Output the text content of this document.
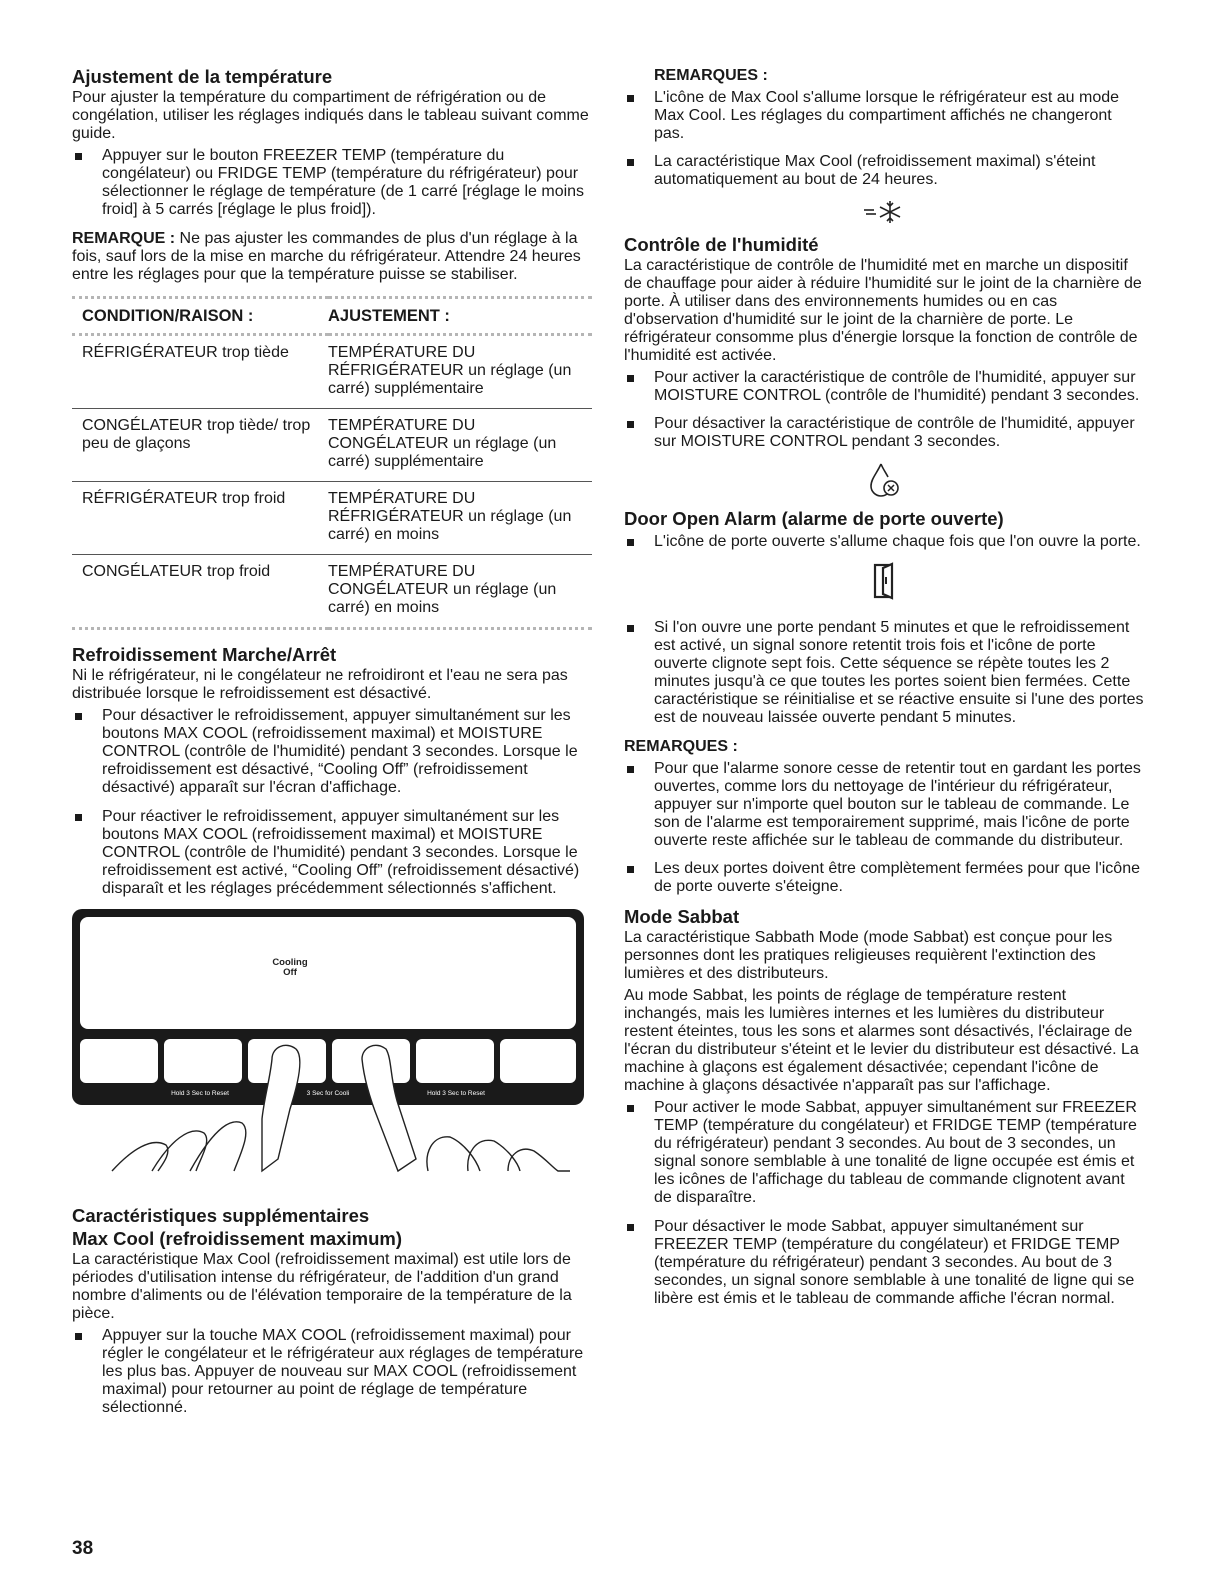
Ajustement de la température

Pour ajuster la température du compartiment de réfrigération ou de congélation, utiliser les réglages indiqués dans le tableau suivant comme guide.

Appuyer sur le bouton FREEZER TEMP (température du congélateur) ou FRIDGE TEMP (température du réfrigérateur) pour sélectionner le réglage de température (de 1 carré [réglage le moins froid] à 5 carrés [réglage le plus froid]).

REMARQUE : Ne pas ajuster les commandes de plus d'un réglage à la fois, sauf lors de la mise en marche du réfrigérateur. Attendre 24 heures entre les réglages pour que la température puisse se stabiliser.

CONDITION/RAISON :	AJUSTEMENT :
RÉFRIGÉRATEUR trop tiède	TEMPÉRATURE DU RÉFRIGÉRATEUR un réglage (un carré) supplémentaire
CONGÉLATEUR trop tiède/ trop peu de glaçons	TEMPÉRATURE DU CONGÉLATEUR un réglage (un carré) supplémentaire
RÉFRIGÉRATEUR trop froid	TEMPÉRATURE DU RÉFRIGÉRATEUR un réglage (un carré) en moins
CONGÉLATEUR trop froid	TEMPÉRATURE DU CONGÉLATEUR un réglage (un carré) en moins
Refroidissement Marche/Arrêt

Ni le réfrigérateur, ni le congélateur ne refroidiront et l'eau ne sera pas distribuée lorsque le refroidissement est désactivé.

Pour désactiver le refroidissement, appuyer simultanément sur les boutons MAX COOL (refroidissement maximal) et MOISTURE CONTROL (contrôle de l'humidité) pendant 3 secondes. Lorsque le refroidissement est désactivé, “Cooling Off” (refroidissement désactivé) apparaît sur l'écran d'affichage.
Pour réactiver le refroidissement, appuyer simultanément sur les boutons MAX COOL (refroidissement maximal) et MOISTURE CONTROL (contrôle de l'humidité) pendant 3 secondes. Lorsque le refroidissement est activé, “Cooling Off” (refroidissement désactivé) disparaît et les réglages précédemment sélectionnés s'affichent.
Cooling
Off
Hold 3 Sec to Reset	3 Sec for Cooli	Hold 3 Sec to Reset
Caractéristiques supplémentaires
Max Cool (refroidissement maximum)

La caractéristique Max Cool (refroidissement maximal) est utile lors de périodes d'utilisation intense du réfrigérateur, de l'addition d'un grand nombre d'aliments ou de l'élévation temporaire de la température de la pièce.

Appuyer sur la touche MAX COOL (refroidissement maximal) pour régler le congélateur et le réfrigérateur aux réglages de température les plus bas. Appuyer de nouveau sur MAX COOL (refroidissement maximal) pour retourner au point de réglage de température sélectionné.
REMARQUES :
L'icône de Max Cool s'allume lorsque le réfrigérateur est au mode Max Cool. Les réglages du compartiment affichés ne changeront pas.
La caractéristique Max Cool (refroidissement maximal) s'éteint automatiquement au bout de 24 heures.
Contrôle de l'humidité

La caractéristique de contrôle de l'humidité met en marche un dispositif de chauffage pour aider à réduire l'humidité sur le joint de la charnière de porte. À utiliser dans des environnements humides ou en cas d'observation d'humidité sur le joint de la charnière de porte. Le réfrigérateur consomme plus d'énergie lorsque la fonction de contrôle de l'humidité est activée.

Pour activer la caractéristique de contrôle de l'humidité, appuyer sur MOISTURE CONTROL (contrôle de l'humidité) pendant 3 secondes.
Pour désactiver la caractéristique de contrôle de l'humidité, appuyer sur MOISTURE CONTROL pendant 3 secondes.
Door Open Alarm (alarme de porte ouverte)
L'icône de porte ouverte s'allume chaque fois que l'on ouvre la porte.
Si l'on ouvre une porte pendant 5 minutes et que le refroidissement est activé, un signal sonore retentit trois fois et l'icône de porte ouverte clignote sept fois. Cette séquence se répète toutes les 2 minutes jusqu'à ce que toutes les portes soient bien fermées. Cette caractéristique se réinitialise et se réactive ensuite si l'une des portes est de nouveau laissée ouverte pendant 5 minutes.
REMARQUES :
Pour que l'alarme sonore cesse de retentir tout en gardant les portes ouvertes, comme lors du nettoyage de l'intérieur du réfrigérateur, appuyer sur n'importe quel bouton sur le tableau de commande. Le son de l'alarme est temporairement supprimé, mais l'icône de porte ouverte reste affichée sur le tableau de commande du distributeur.
Les deux portes doivent être complètement fermées pour que l'icône de porte ouverte s'éteigne.
Mode Sabbat

La caractéristique Sabbath Mode (mode Sabbat) est conçue pour les personnes dont les pratiques religieuses requièrent l'extinction des lumières et des distributeurs.

Au mode Sabbat, les points de réglage de température restent inchangés, mais les lumières internes et les lumières du distributeur restent éteintes, tous les sons et alarmes sont désactivés, l'éclairage de l'écran du distributeur s'éteint et le levier du distributeur est désactivé. La machine à glaçons est également désactivée; cependant l'icône de machine à glaçons désactivée n'apparaît pas sur l'affichage.

Pour activer le mode Sabbat, appuyer simultanément sur FREEZER TEMP (température du congélateur) et FRIDGE TEMP (température du réfrigérateur) pendant 3 secondes. Au bout de 3 secondes, un signal sonore semblable à une tonalité de ligne occupée est émis et les icônes de l'affichage du tableau de commande clignotent avant de disparaître.
Pour désactiver le mode Sabbat, appuyer simultanément sur FREEZER TEMP (température du congélateur) et FRIDGE TEMP (température du réfrigérateur) pendant 3 secondes. Au bout de 3 secondes, un signal sonore semblable à une tonalité de ligne qui se libère est émis et le tableau de commande affiche l'écran normal.
38
